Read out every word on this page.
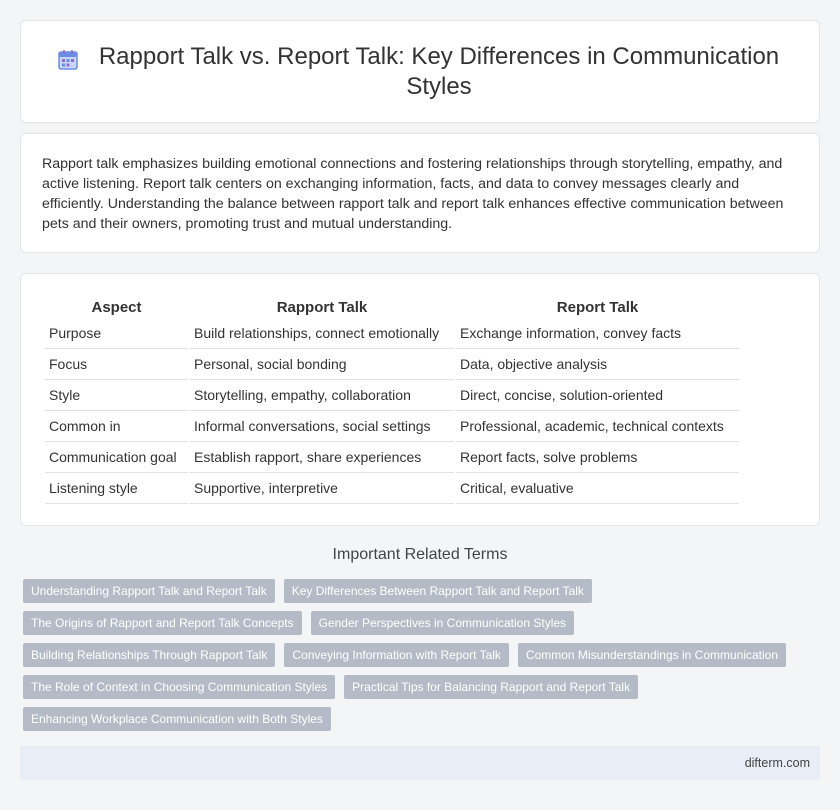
Rapport Talk vs. Report Talk: Key Differences in Communication Styles

Rapport talk emphasizes building emotional connections and fostering relationships through storytelling, empathy, and active listening. Report talk centers on exchanging information, facts, and data to convey messages clearly and efficiently. Understanding the balance between rapport talk and report talk enhances effective communication between pets and their owners, promoting trust and mutual understanding.

Aspect	Rapport Talk	Report Talk
Purpose	Build relationships, connect emotionally	Exchange information, convey facts
Focus	Personal, social bonding	Data, objective analysis
Style	Storytelling, empathy, collaboration	Direct, concise, solution-oriented
Common in	Informal conversations, social settings	Professional, academic, technical contexts
Communication goal	Establish rapport, share experiences	Report facts, solve problems
Listening style	Supportive, interpretive	Critical, evaluative
Important Related Terms
Understanding Rapport Talk and Report Talk	Key Differences Between Rapport Talk and Report Talk
The Origins of Rapport and Report Talk Concepts	Gender Perspectives in Communication Styles
Building Relationships Through Rapport Talk	Conveying Information with Report Talk	Common Misunderstandings in Communication
The Role of Context in Choosing Communication Styles	Practical Tips for Balancing Rapport and Report Talk
Enhancing Workplace Communication with Both Styles
difterm.com
